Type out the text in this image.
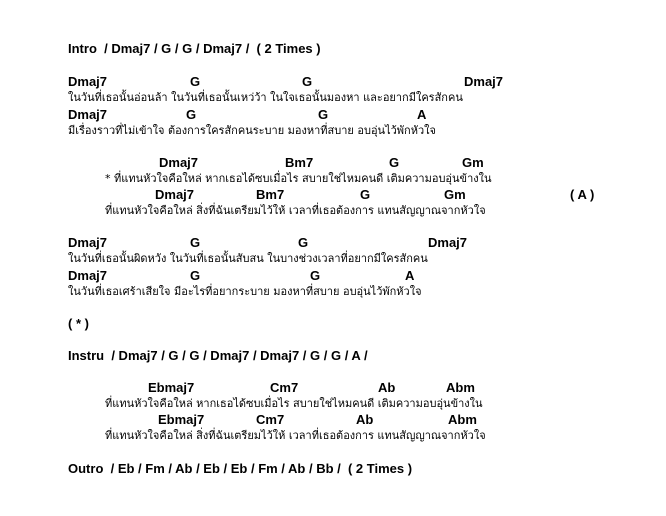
Intro  / Dmaj7 / G / G / Dmaj7 /  ( 2 Times )
Dmaj7	G	G	Dmaj7
ในวันที่เธอนั้นอ่อนล้า ในวันที่เธอนั้นเหว่ว้า ในใจเธอนั้นมองหา และอยากมีใครสักคน
Dmaj7	G	G	A
มีเรื่องราวที่ไม่เข้าใจ ต้องการใครสักคนระบาย มองหาที่สบาย อบอุ่นไว้พักหัวใจ
Dmaj7	Bm7	G	Gm
* ที่แทนหัวใจคือใหล่ หากเธอได้ซบเมื่อไร สบายใช่ไหมคนดี เติมความอบอุ่นข้างใน
Dmaj7	Bm7	G	Gm	( A )
ที่แทนหัวใจคือใหล่ สิ่งที่ฉันเตรียมไว้ให้ เวลาที่เธอต้องการ แทนสัญญาณจากหัวใจ
Dmaj7	G	G	Dmaj7
ในวันที่เธอนั้นผิดหวัง ในวันที่เธอนั้นสับสน ในบางช่วงเวลาที่อยากมีใครสักคน
Dmaj7	G	G	A
ในวันที่เธอเศร้าเสียใจ มีอะไรที่อยากระบาย มองหาที่สบาย อบอุ่นไว้พักหัวใจ
( * )
Instru  / Dmaj7 / G / G / Dmaj7 / Dmaj7 / G / G / A /
Ebmaj7	Cm7	Ab	Abm
ที่แทนหัวใจคือใหล่ หากเธอได้ซบเมื่อไร สบายใช่ไหมคนดี เติมความอบอุ่นข้างใน
Ebmaj7	Cm7	Ab	Abm
ที่แทนหัวใจคือใหล่ สิ่งที่ฉันเตรียมไว้ให้ เวลาที่เธอต้องการ แทนสัญญาณจากหัวใจ
Outro  / Eb / Fm / Ab / Eb / Eb / Fm / Ab / Bb /  ( 2 Times )
